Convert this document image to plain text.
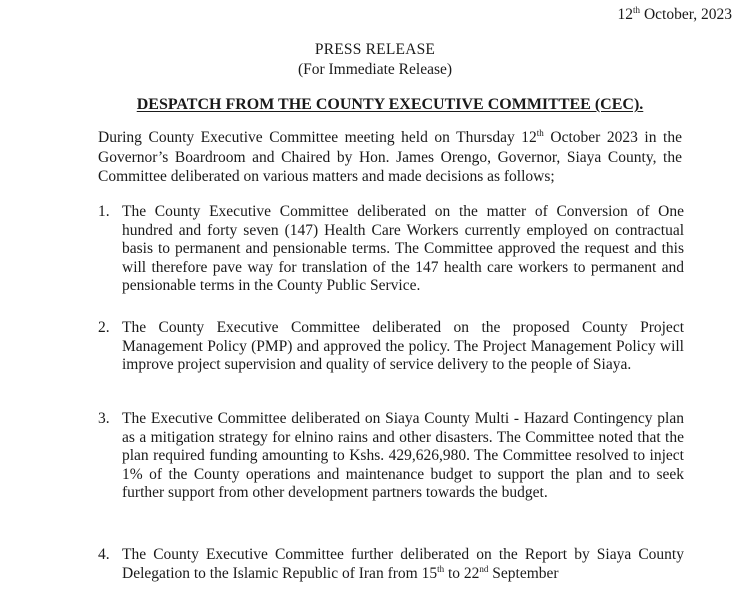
12th October, 2023
PRESS RELEASE
(For Immediate Release)
DESPATCH FROM THE COUNTY EXECUTIVE COMMITTEE (CEC).

During County Executive Committee meeting held on Thursday 12th October 2023 in the Governor’s Boardroom and Chaired by Hon. James Orengo, Governor, Siaya County, the Committee deliberated on various matters and made decisions as follows;

1. The County Executive Committee deliberated on the matter of Conversion of One hundred and forty seven (147) Health Care Workers currently employed on contractual basis to permanent and pensionable terms. The Committee approved the request and this will therefore pave way for translation of the 147 health care workers to permanent and pensionable terms in the County Public Service.
2. The County Executive Committee deliberated on the proposed County Project Management Policy (PMP) and approved the policy. The Project Management Policy will improve project supervision and quality of service delivery to the people of Siaya.
3. The Executive Committee deliberated on Siaya County Multi - Hazard Contingency plan as a mitigation strategy for elnino rains and other disasters. The Committee noted that the plan required funding amounting to Kshs. 429,626,980. The Committee resolved to inject 1% of the County operations and maintenance budget to support the plan and to seek further support from other development partners towards the budget.
4. The County Executive Committee further deliberated on the Report by Siaya County Delegation to the Islamic Republic of Iran from 15th to 22nd September
